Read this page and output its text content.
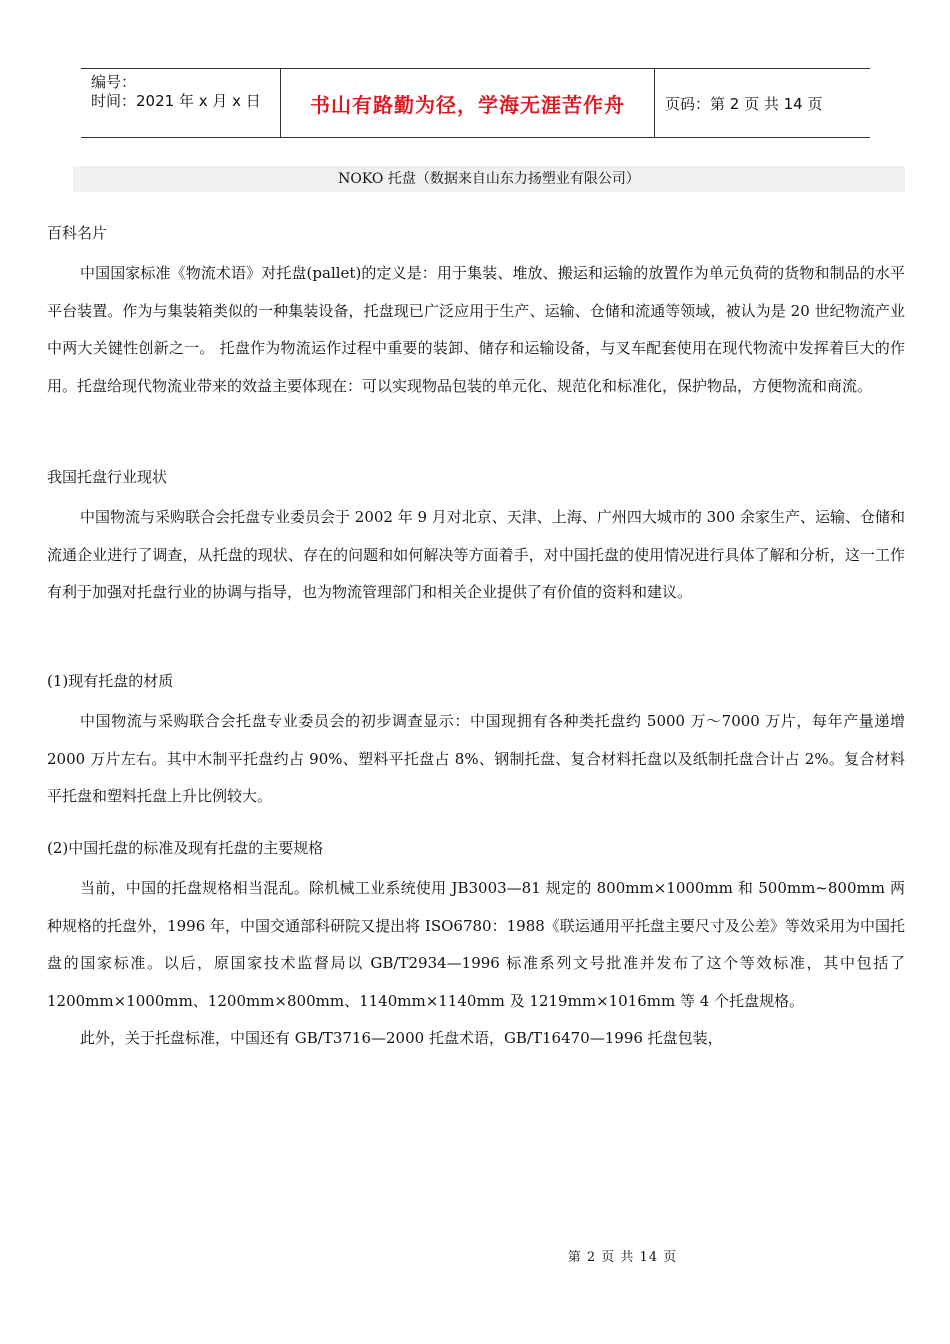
编号：
时间：2021 年 x 月 x 日	书山有路勤为径，学海无涯苦作舟	页码：第 2 页 共 14 页
NOKO 托盘（数据来自山东力扬塑业有限公司）
百科名片
中国国家标准《物流术语》对托盘(pallet)的定义是：用于集装、堆放、搬运和运输的放置作为单元负荷的货物和制品的水平平台装置。作为与集装箱类似的一种集装设备，托盘现已广泛应用于生产、运输、仓储和流通等领域，被认为是 20 世纪物流产业中两大关键性创新之一。 托盘作为物流运作过程中重要的装卸、储存和运输设备，与叉车配套使用在现代物流中发挥着巨大的作用。托盘给现代物流业带来的效益主要体现在：可以实现物品包装的单元化、规范化和标准化，保护物品，方便物流和商流。
我国托盘行业现状
中国物流与采购联合会托盘专业委员会于 2002 年 9 月对北京、天津、上海、广州四大城市的 300 余家生产、运输、仓储和流通企业进行了调查，从托盘的现状、存在的问题和如何解决等方面着手，对中国托盘的使用情况进行具体了解和分析，这一工作有利于加强对托盘行业的协调与指导，也为物流管理部门和相关企业提供了有价值的资料和建议。
(1)现有托盘的材质
中国物流与采购联合会托盘专业委员会的初步调查显示：中国现拥有各种类托盘约 5000 万～7000 万片，每年产量递增 2000 万片左右。其中木制平托盘约占 90%、塑料平托盘占 8%、钢制托盘、复合材料托盘以及纸制托盘合计占 2%。复合材料平托盘和塑料托盘上升比例较大。
(2)中国托盘的标准及现有托盘的主要规格
当前，中国的托盘规格相当混乱。除机械工业系统使用 JB3003—81 规定的 800mm×1000mm 和 500mm~800mm 两种规格的托盘外，1996 年，中国交通部科研院又提出将 ISO6780：1988《联运通用平托盘主要尺寸及公差》等效采用为中国托盘的国家标准。以后，原国家技术监督局以 GB/T2934—1996 标准系列文号批准并发布了这个等效标准，其中包括了 1200mm×1000mm、1200mm×800mm、1140mm×1140mm 及 1219mm×1016mm 等 4 个托盘规格。
此外，关于托盘标准，中国还有 GB/T3716—2000 托盘术语，GB/T16470—1996 托盘包装，
第 2 页 共 14 页
